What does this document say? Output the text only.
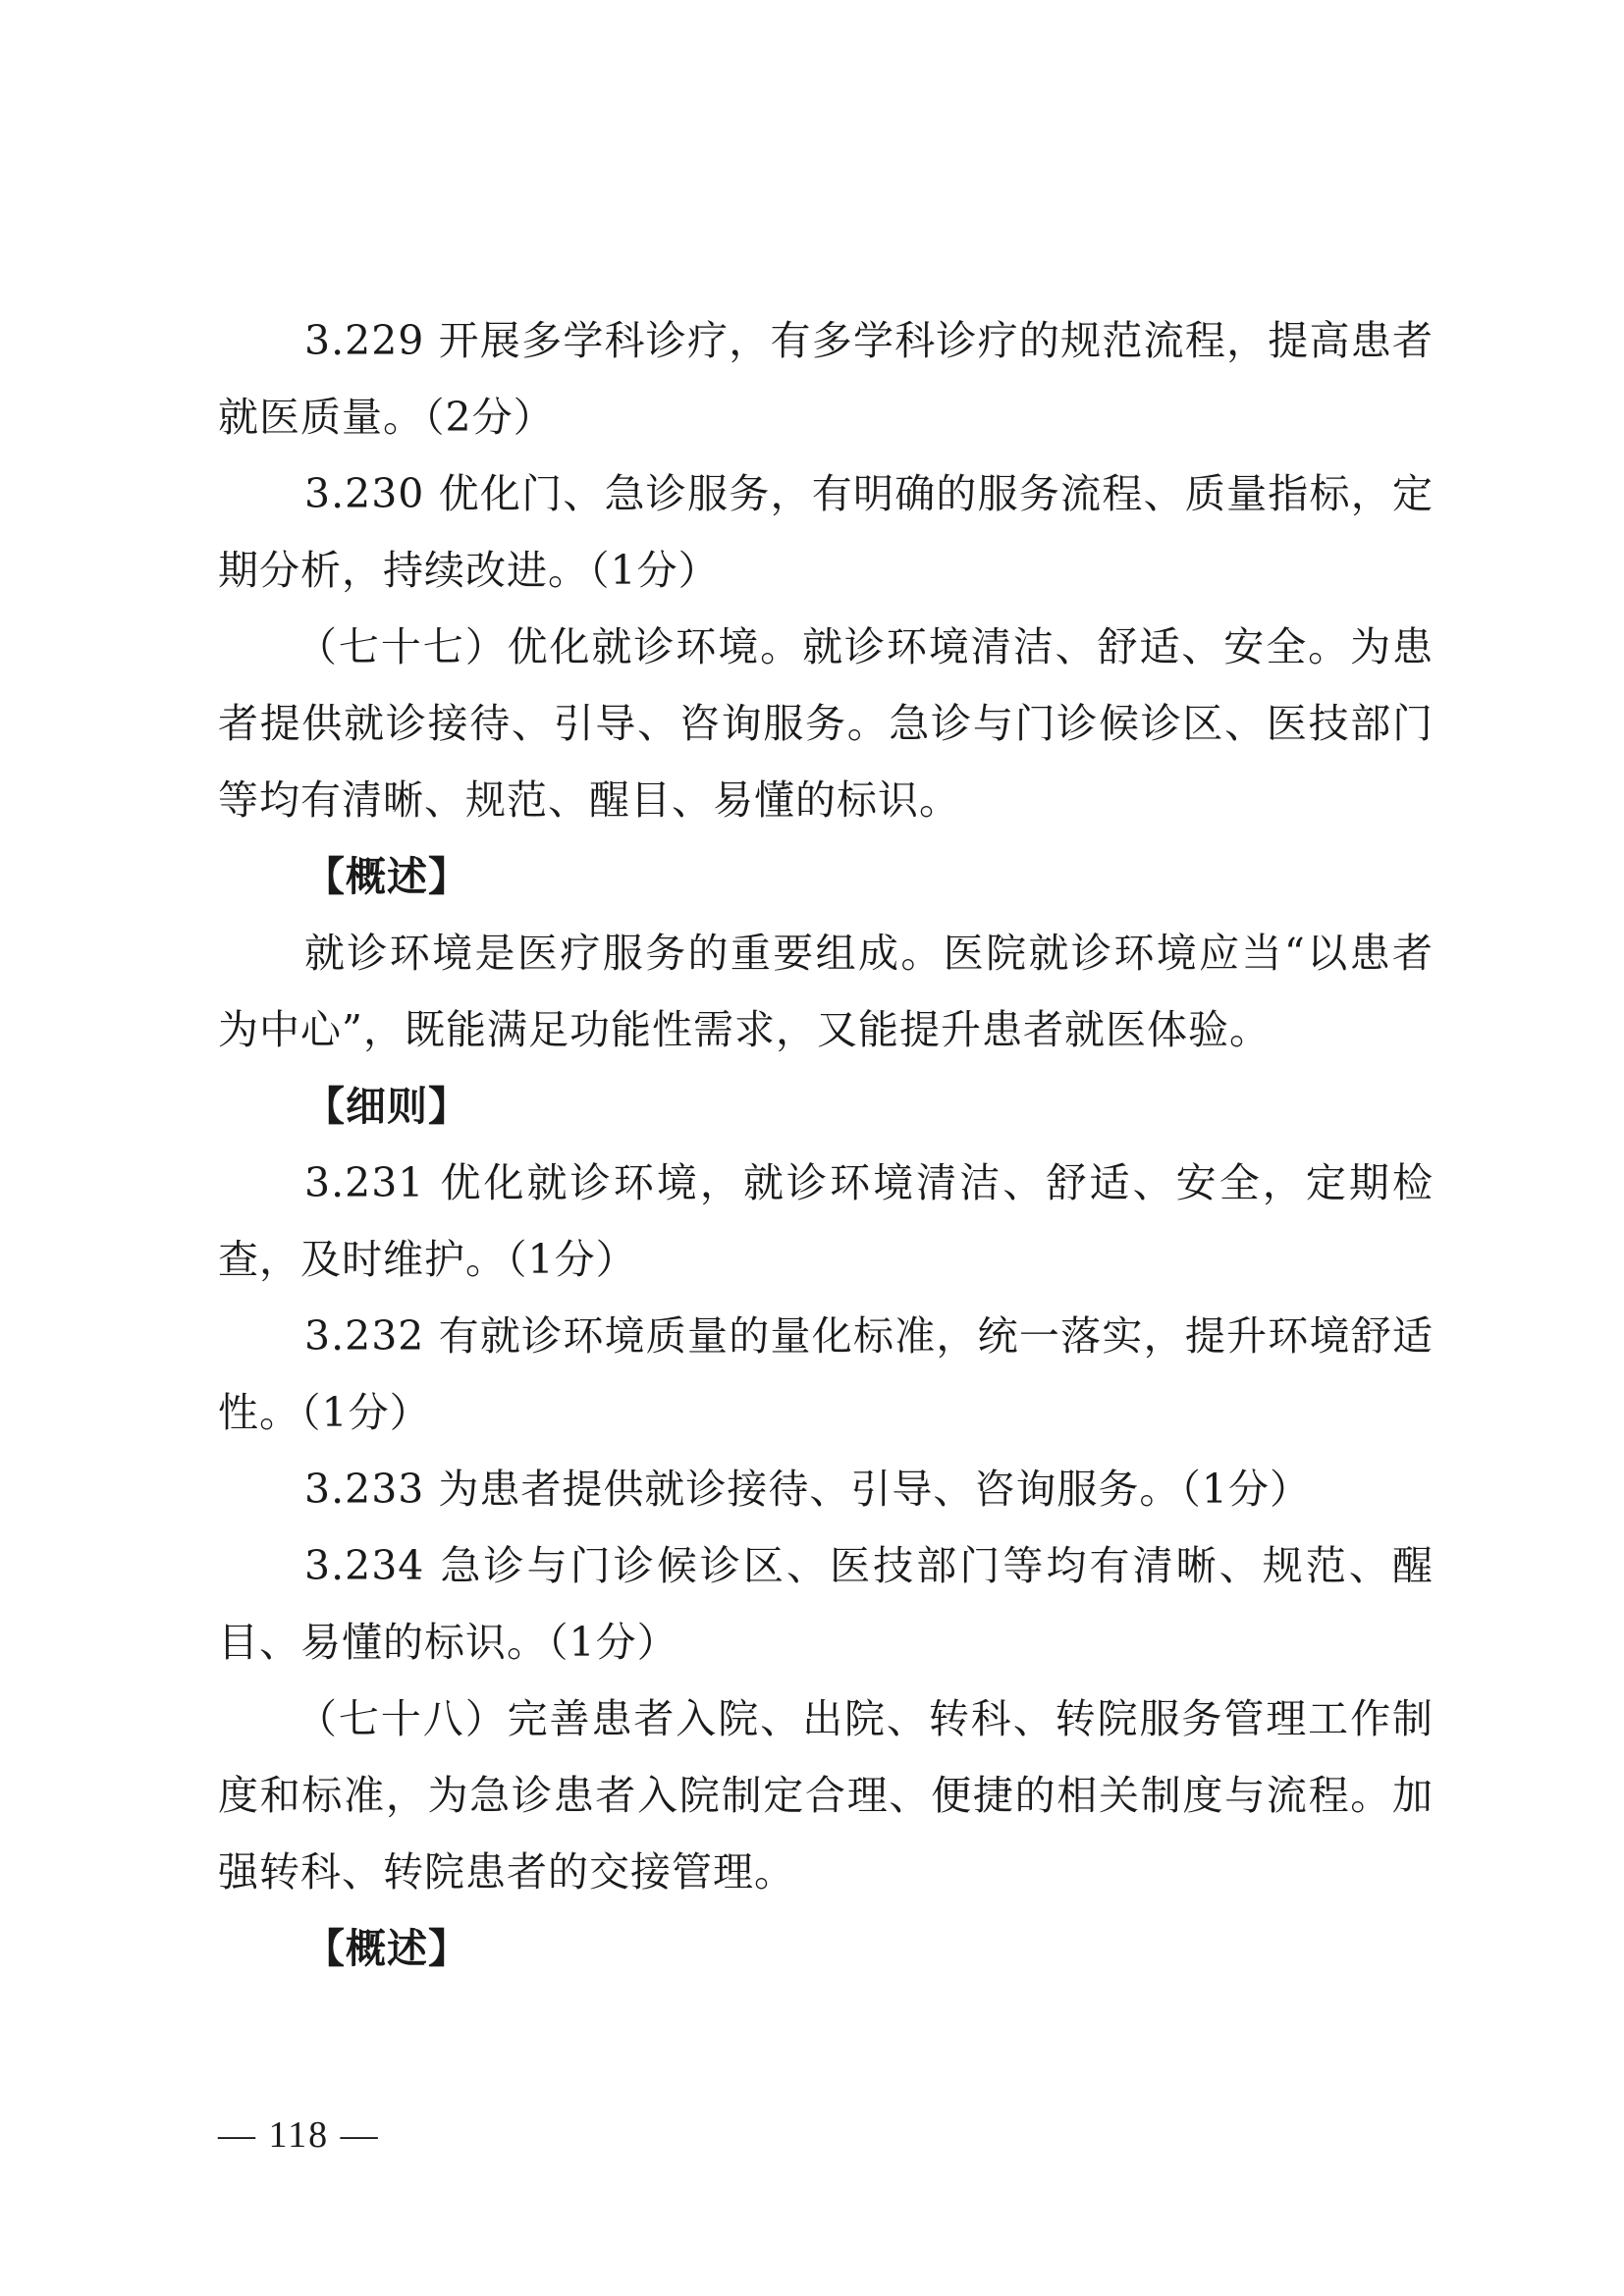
3.229 开展多学科诊疗，有多学科诊疗的规范流程，提高患者就医质量。（2分）

3.230 优化门、急诊服务，有明确的服务流程、质量指标，定期分析，持续改进。（1分）

（七十七）优化就诊环境。就诊环境清洁、舒适、安全。为患者提供就诊接待、引导、咨询服务。急诊与门诊候诊区、医技部门等均有清晰、规范、醒目、易懂的标识。

【概述】

就诊环境是医疗服务的重要组成。医院就诊环境应当“以患者为中心”，既能满足功能性需求，又能提升患者就医体验。

【细则】

3.231 优化就诊环境，就诊环境清洁、舒适、安全，定期检查，及时维护。（1分）

3.232 有就诊环境质量的量化标准，统一落实，提升环境舒适性。（1分）

3.233 为患者提供就诊接待、引导、咨询服务。（1分）

3.234 急诊与门诊候诊区、医技部门等均有清晰、规范、醒目、易懂的标识。（1分）

（七十八）完善患者入院、出院、转科、转院服务管理工作制度和标准，为急诊患者入院制定合理、便捷的相关制度与流程。加强转科、转院患者的交接管理。

【概述】

— 118 —
